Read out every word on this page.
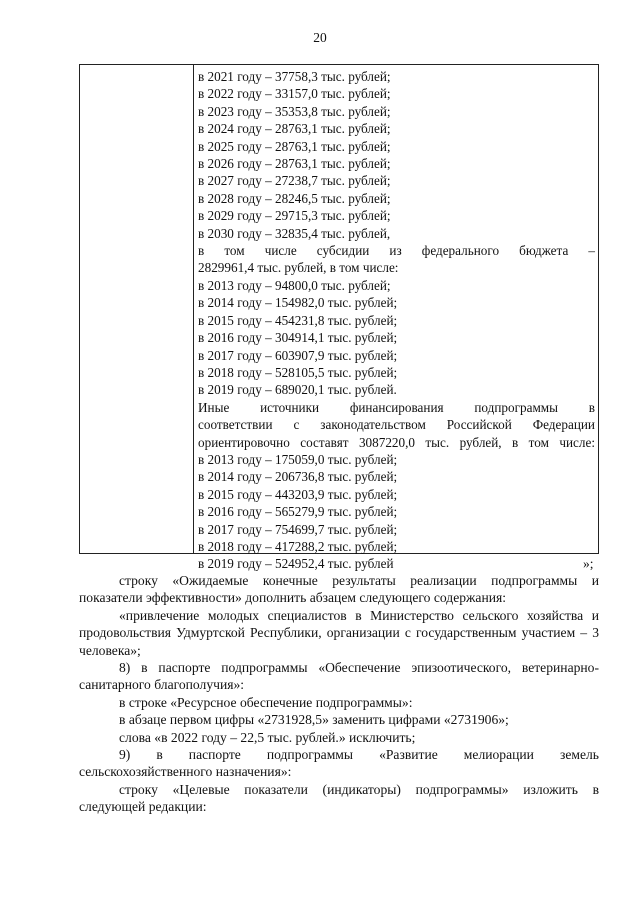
20
в 2021 году – 37758,3 тыс. рублей;
в 2022 году – 33157,0 тыс. рублей;
в 2023 году – 35353,8 тыс. рублей;
в 2024 году – 28763,1 тыс. рублей;
в 2025 году – 28763,1 тыс. рублей;
в 2026 году – 28763,1 тыс. рублей;
в 2027 году – 27238,7 тыс. рублей;
в 2028 году – 28246,5 тыс. рублей;
в 2029 году – 29715,3 тыс. рублей;
в 2030 году – 32835,4 тыс. рублей,
в том числе субсидии из федерального бюджета –
2829961,4 тыс. рублей, в том числе:
в 2013 году – 94800,0 тыс. рублей;
в 2014 году – 154982,0 тыс. рублей;
в 2015 году – 454231,8 тыс. рублей;
в 2016 году – 304914,1 тыс. рублей;
в 2017 году – 603907,9 тыс. рублей;
в 2018 году – 528105,5 тыс. рублей;
в 2019 году – 689020,1 тыс. рублей.
Иные источники финансирования подпрограммы в
соответствии с законодательством Российской Федерации
ориентировочно составят 3087220,0 тыс. рублей, в том числе:
в 2013 году – 175059,0 тыс. рублей;
в 2014 году – 206736,8 тыс. рублей;
в 2015 году – 443203,9 тыс. рублей;
в 2016 году – 565279,9 тыс. рублей;
в 2017 году – 754699,7 тыс. рублей;
в 2018 году – 417288,2 тыс. рублей;
в 2019 году – 524952,4 тыс. рублей	»;

строку «Ожидаемые конечные результаты реализации подпрограммы и показатели эффективности» дополнить абзацем следующего содержания:

«привлечение молодых специалистов в Министерство сельского хозяйства и продовольствия Удмуртской Республики, организации с государственным участием – 3 человека»;

8) в паспорте подпрограммы «Обеспечение эпизоотического, ветеринарно-санитарного благополучия»:

в строке «Ресурсное обеспечение подпрограммы»:

в абзаце первом цифры «2731928,5» заменить цифрами «2731906»;

слова «в 2022 году – 22,5 тыс. рублей.» исключить;

9) в паспорте подпрограммы «Развитие мелиорации земель сельскохозяйственного назначения»:

строку «Целевые показатели (индикаторы) подпрограммы» изложить в следующей редакции:
